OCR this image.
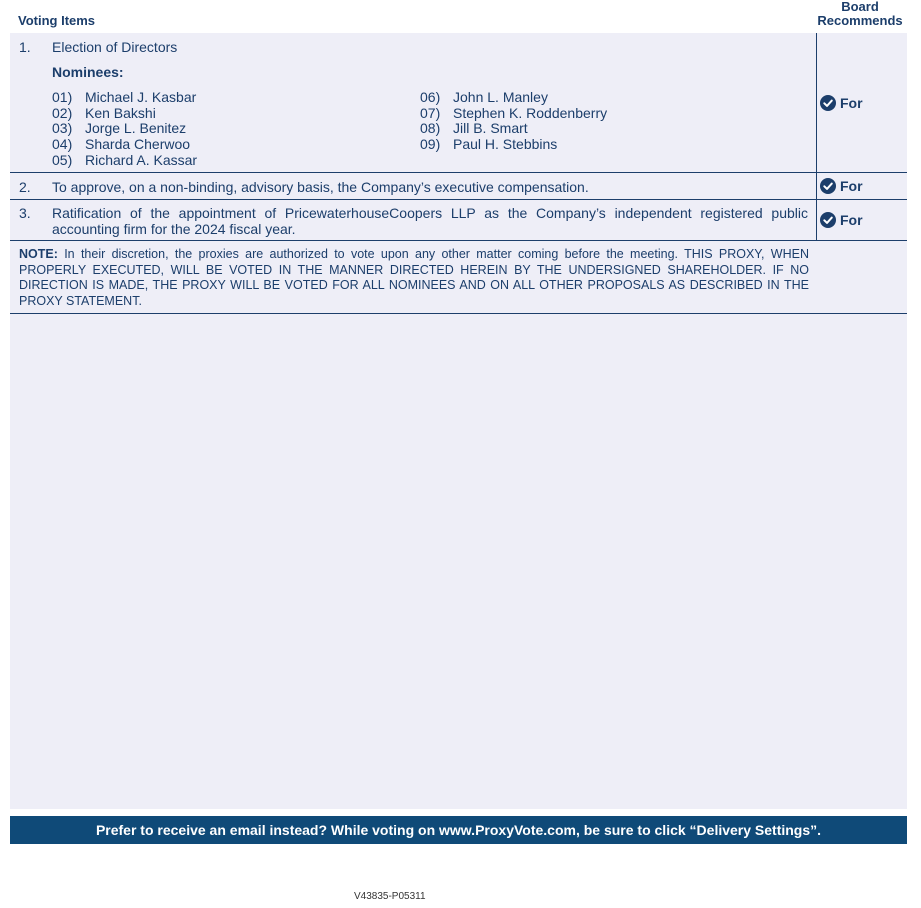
Voting Items
Board
Recommends
1. Election of Directors
Nominees:
01) Michael J. Kasbar
02) Ken Bakshi
03) Jorge L. Benitez
04) Sharda Cherwoo
05) Richard A. Kassar
06) John L. Manley
07) Stephen K. Roddenberry
08) Jill B. Smart
09) Paul H. Stebbins
For
2. To approve, on a non-binding, advisory basis, the Company’s executive compensation.	For
3. Ratification of the appointment of PricewaterhouseCoopers LLP as the Company’s independent registered public accounting firm for the 2024 fiscal year.
For
NOTE: In their discretion, the proxies are authorized to vote upon any other matter coming before the meeting. THIS PROXY, WHEN PROPERLY EXECUTED, WILL BE VOTED IN THE MANNER DIRECTED HEREIN BY THE UNDERSIGNED SHAREHOLDER. IF NO DIRECTION IS MADE, THE PROXY WILL BE VOTED FOR ALL NOMINEES AND ON ALL OTHER PROPOSALS AS DESCRIBED IN THE PROXY STATEMENT.
Prefer to receive an email instead? While voting on www.ProxyVote.com, be sure to click “Delivery Settings”.
V43835-P05311
